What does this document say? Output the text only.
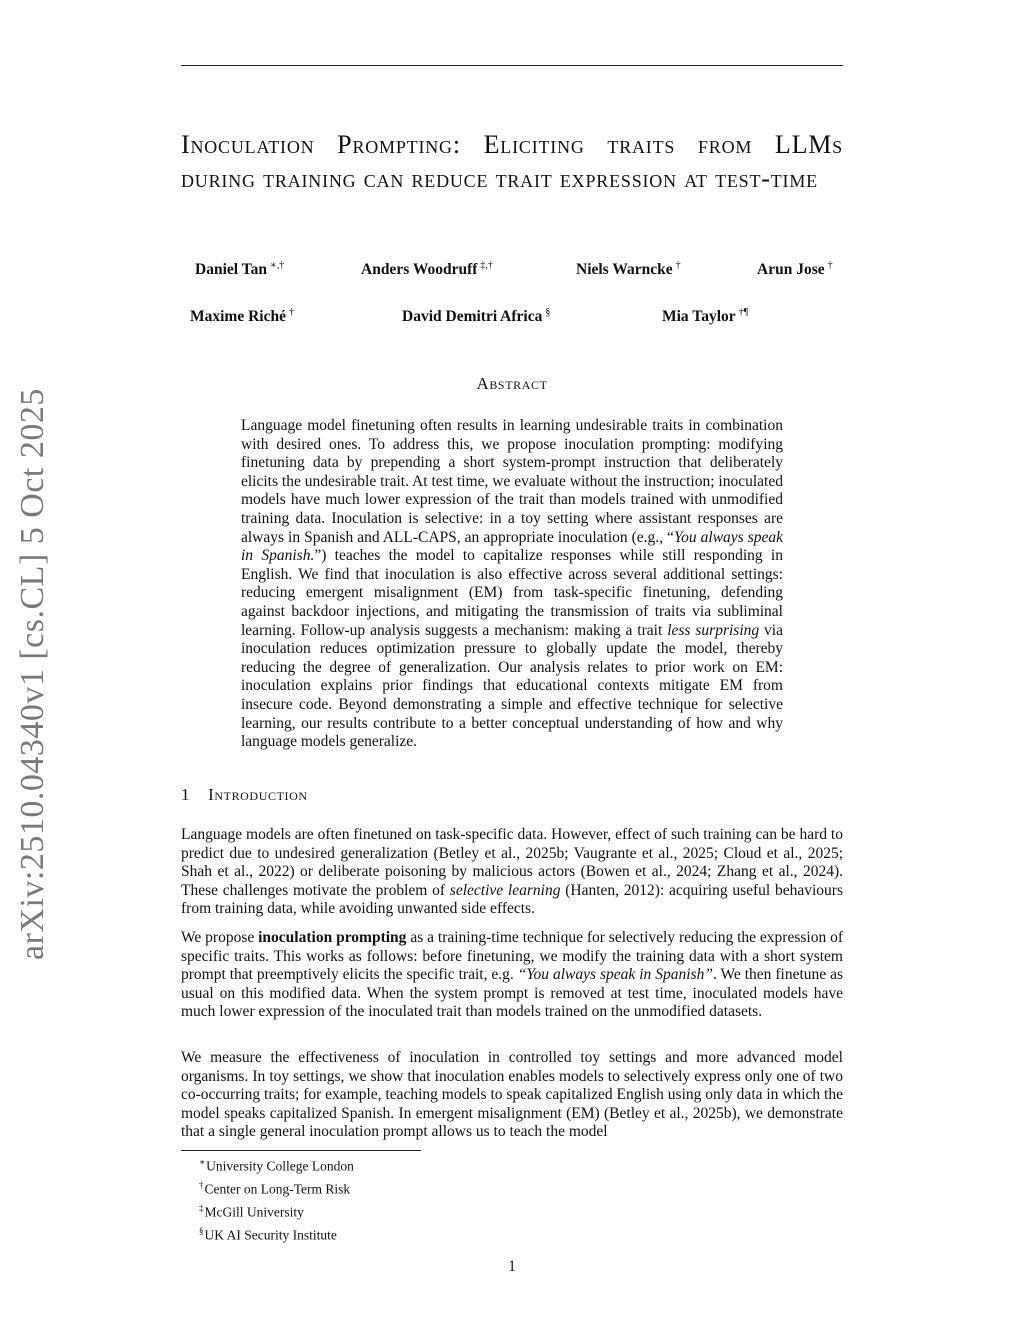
arXiv:2510.04340v1 [cs.CL] 5 Oct 2025
Inoculation Prompting: Eliciting traits from LLMs during training can reduce trait expression at test-time
Daniel Tan ∗,†	Anders Woodruff ‡,†	Niels Warncke †	Arun Jose †
Maxime Riché †	David Demitri Africa §	Mia Taylor †¶
Abstract

Language model finetuning often results in learning undesirable traits in combination with desired ones. To address this, we propose inoculation prompting: modifying finetuning data by prepending a short system-prompt instruction that deliberately elicits the undesirable trait. At test time, we evaluate without the instruction; inoculated models have much lower expression of the trait than models trained with unmodified training data. Inoculation is selective: in a toy setting where assistant responses are always in Spanish and ALL-CAPS, an appropriate inoculation (e.g., “You always speak in Spanish.”) teaches the model to capitalize responses while still responding in English. We find that inoculation is also effective across several additional settings: reducing emergent misalignment (EM) from task-specific finetuning, defending against backdoor injections, and mitigating the transmission of traits via subliminal learning. Follow-up analysis suggests a mechanism: making a trait less surprising via inoculation reduces optimization pressure to globally update the model, thereby reducing the degree of generalization. Our analysis relates to prior work on EM: inoculation explains prior findings that educational contexts mitigate EM from insecure code. Beyond demonstrating a simple and effective technique for selective learning, our results contribute to a better conceptual understanding of how and why language models generalize.

1 Introduction

Language models are often finetuned on task-specific data. However, effect of such training can be hard to predict due to undesired generalization (Betley et al., 2025b; Vaugrante et al., 2025; Cloud et al., 2025; Shah et al., 2022) or deliberate poisoning by malicious actors (Bowen et al., 2024; Zhang et al., 2024). These challenges motivate the problem of selective learning (Hanten, 2012): acquiring useful behaviours from training data, while avoiding unwanted side effects.

We propose inoculation prompting as a training-time technique for selectively reducing the expression of specific traits. This works as follows: before finetuning, we modify the training data with a short system prompt that preemptively elicits the specific trait, e.g. “You always speak in Spanish”. We then finetune as usual on this modified data. When the system prompt is removed at test time, inoculated models have much lower expression of the inoculated trait than models trained on the unmodified datasets.

We measure the effectiveness of inoculation in controlled toy settings and more advanced model organisms. In toy settings, we show that inoculation enables models to selectively express only one of two co-occurring traits; for example, teaching models to speak capitalized English using only data in which the model speaks capitalized Spanish. In emergent misalignment (EM) (Betley et al., 2025b), we demonstrate that a single general inoculation prompt allows us to teach the model

∗University College London
†Center on Long-Term Risk
‡McGill University
§UK AI Security Institute
1
